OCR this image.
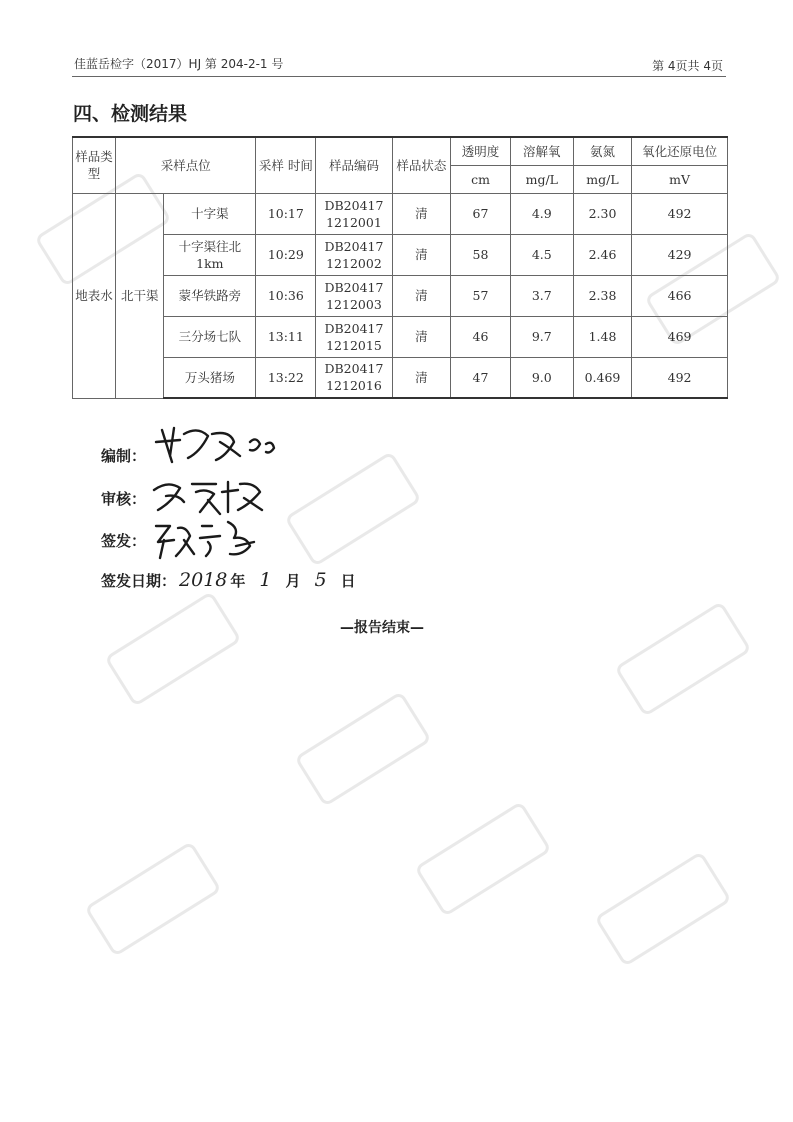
佳蓝岳检字（2017）HJ 第 204-2-1 号	第 4页共 4页
四、检测结果
样品类型	采样点位		采样 时间	样品编码	样品状态	透明度	溶解氧	氨氮	氧化还原电位
						cm	mg/L	mg/L	mV
地表水	北干渠	十字渠	10:17	DB20417 1212001	清	67	4.9	2.30	492
		十字渠往北 1km	10:29	DB20417 1212002	清	58	4.5	2.46	429
		蒙华铁路旁	10:36	DB20417 1212003	清	57	3.7	2.38	466
		三分场七队	13:11	DB20417 1212015	清	46	9.7	1.48	469
		万头猪场	13:22	DB20417 1212016	清	47	9.0	0.469	492
编制：
审核：
签发：
签发日期： 2018 年 1 月 5 日
—报告结束—
